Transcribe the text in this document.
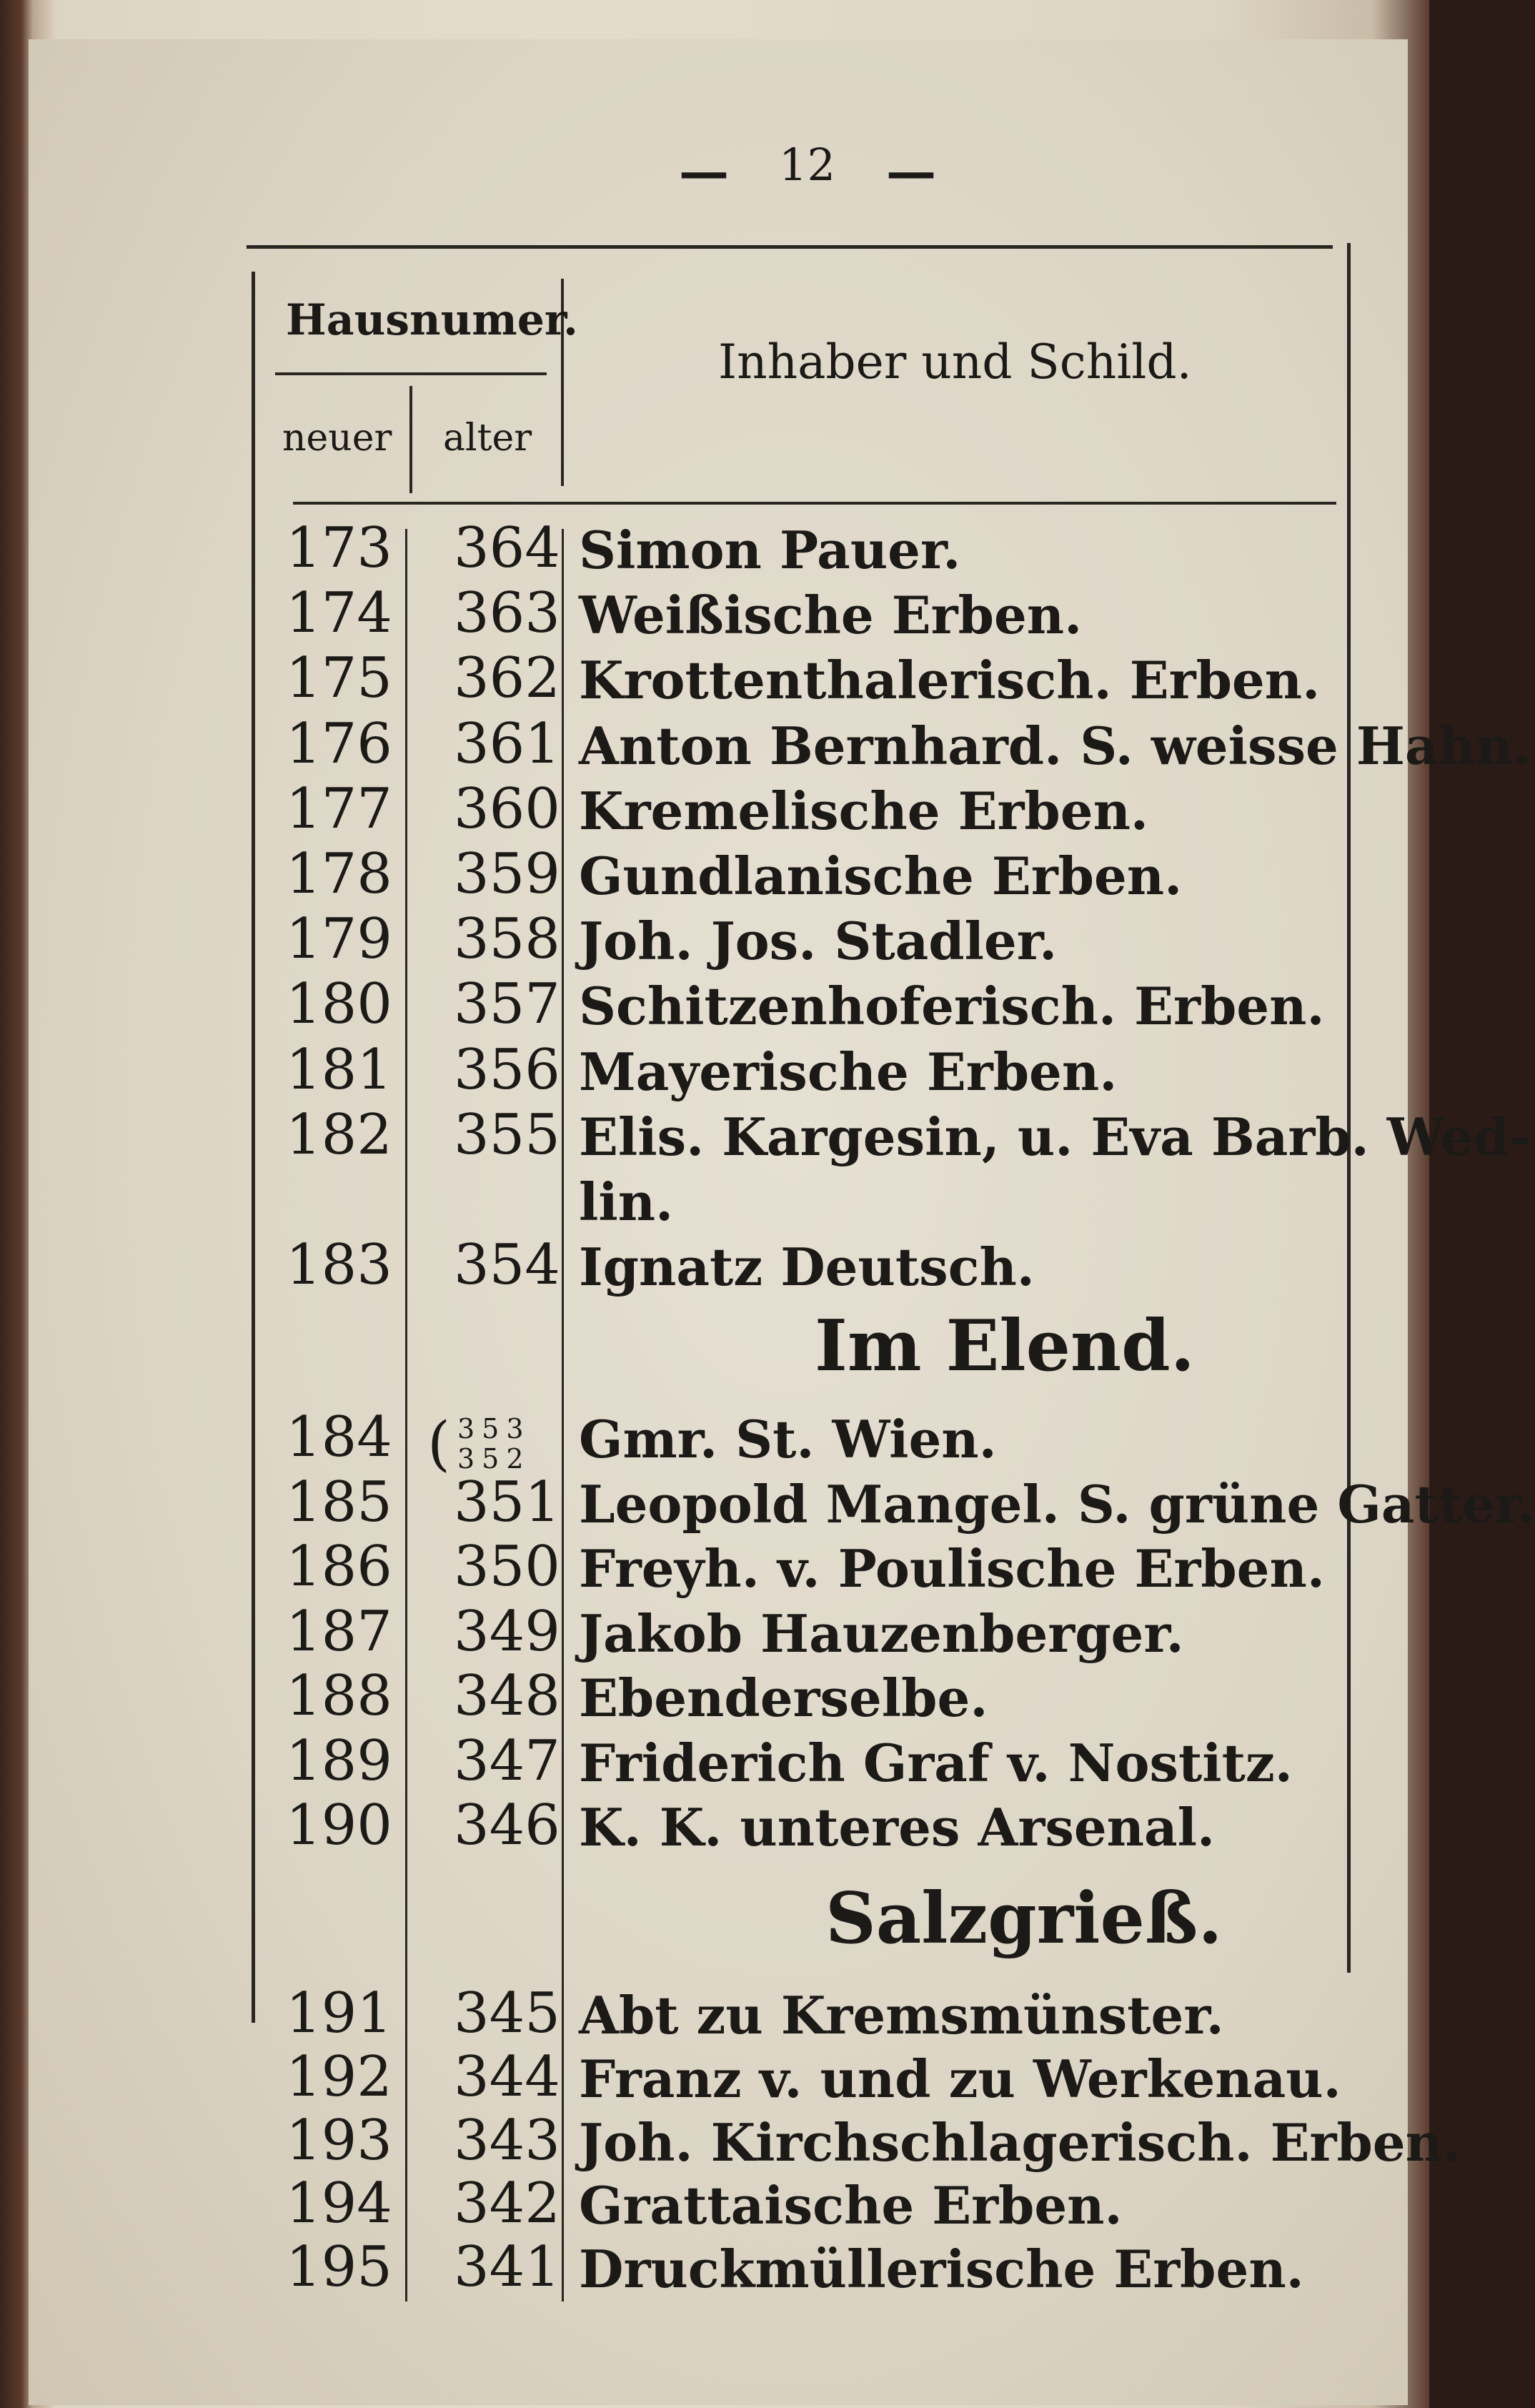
— 12 —
Hausnumer.
neuer alter
Inhaber und Schild.
173 364 Simon Pauer.
174 363 Weißische Erben.
175 362 Krottenthalerisch. Erben.
176 361 Anton Bernhard. S. weisse Hahn.
177 360 Kremelische Erben.
178 359 Gundlanische Erben.
179 358 Joh. Jos. Stadler.
180 357 Schitzenhoferisch. Erben.
181 356 Mayerische Erben.
182 355 Elis. Kargesin, u. Eva Barb. Wed-
lin.
183 354 Ignatz Deutsch.
Im Elend.
184	Gmr. St. Wien.
185 351 Leopold Mangel. S. grüne Gatter.
186 350 Freyh. v. Poulische Erben.
187 349 Jakob Hauzenberger.
188 348 Ebenderselbe.
189 347 Friderich Graf v. Nostitz.
190 346 K. K. unteres Arsenal.
( 353
352
Salzgrieß.
191 345 Abt zu Kremsmünster.
192 344 Franz v. und zu Werkenau.
193 343 Joh. Kirchschlagerisch. Erben.
194 342 Grattaische Erben.
195 341 Druckmüllerische Erben.
